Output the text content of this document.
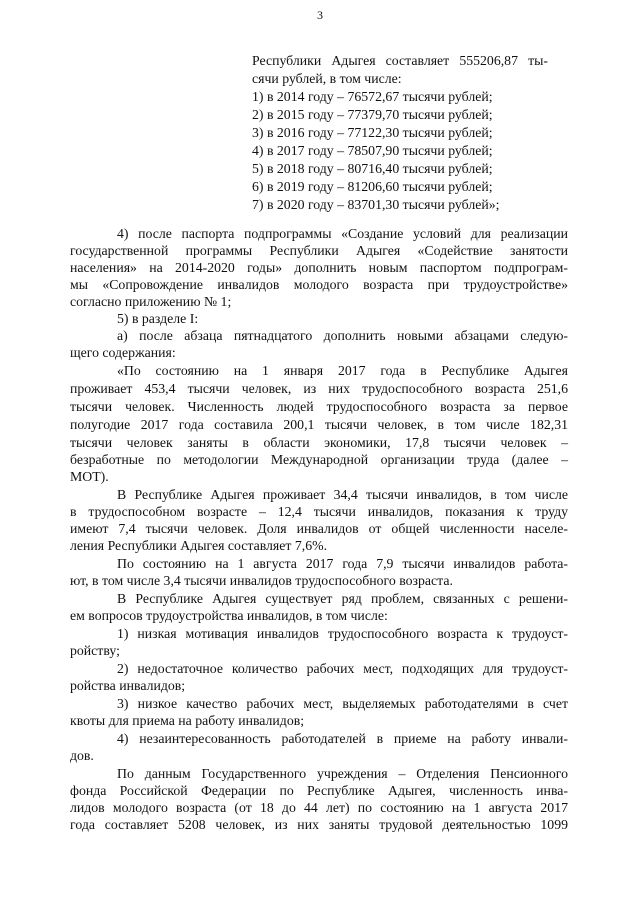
3
Республики Адыгея составляет 555206,87 ты-
сячи рублей, в том числе:
1) в 2014 году – 76572,67 тысячи рублей;
2) в 2015 году – 77379,70 тысячи рублей;
3) в 2016 году – 77122,30 тысячи рублей;
4) в 2017 году – 78507,90 тысячи рублей;
5) в 2018 году – 80716,40 тысячи рублей;
6) в 2019 году – 81206,60 тысячи рублей;
7) в 2020 году – 83701,30 тысячи рублей»;
4) после паспорта подпрограммы «Создание условий для реализации
государственной программы Республики Адыгея «Содействие занятости
населения» на 2014-2020 годы» дополнить новым паспортом подпрограм-
мы «Сопровождение инвалидов молодого возраста при трудоустройстве»
согласно приложению № 1;
5) в разделе I:
а) после абзаца пятнадцатого дополнить новыми абзацами следую-
щего содержания:
«По состоянию на 1 января 2017 года в Республике Адыгея
проживает 453,4 тысячи человек, из них трудоспособного возраста 251,6
тысячи человек. Численность людей трудоспособного возраста за первое
полугодие 2017 года составила 200,1 тысячи человек, в том числе 182,31
тысячи человек заняты в области экономики, 17,8 тысячи человек –
безработные по методологии Международной организации труда (далее –
МОТ).
В Республике Адыгея проживает 34,4 тысячи инвалидов, в том числе
в трудоспособном возрасте – 12,4 тысячи инвалидов, показания к труду
имеют 7,4 тысячи человек. Доля инвалидов от общей численности населе-
ления Республики Адыгея составляет 7,6%.
По состоянию на 1 августа 2017 года 7,9 тысячи инвалидов работа-
ют, в том числе 3,4 тысячи инвалидов трудоспособного возраста.
В Республике Адыгея существует ряд проблем, связанных с решени-
ем вопросов трудоустройства инвалидов, в том числе:
1) низкая мотивация инвалидов трудоспособного возраста к трудоуст-
ройству;
2) недостаточное количество рабочих мест, подходящих для трудоуст-
ройства инвалидов;
3) низкое качество рабочих мест, выделяемых работодателями в счет
квоты для приема на работу инвалидов;
4) незаинтересованность работодателей в приеме на работу инвали-
дов.
По данным Государственного учреждения – Отделения Пенсионного
фонда Российской Федерации по Республике Адыгея, численность инва-
лидов молодого возраста (от 18 до 44 лет) по состоянию на 1 августа 2017
года составляет 5208 человек, из них заняты трудовой деятельностью 1099
